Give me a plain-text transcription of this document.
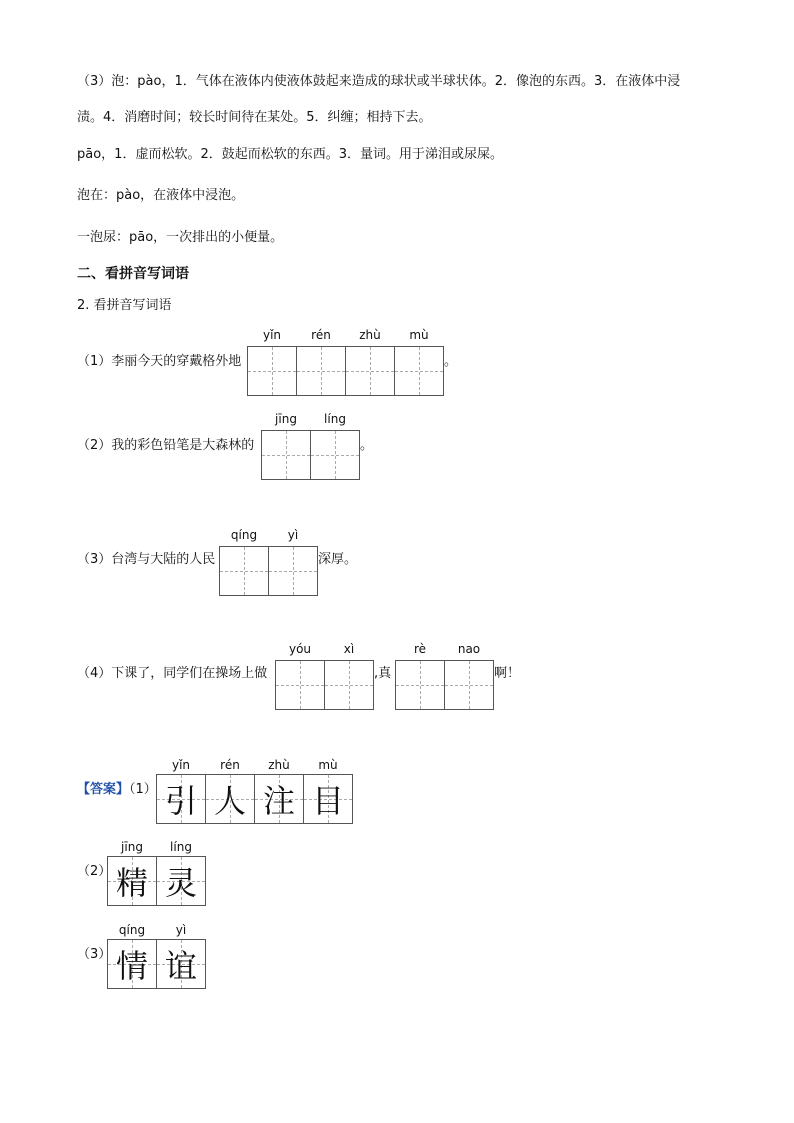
（3）泡：pào，1．气体在液体内使液体鼓起来造成的球状或半球状体。2．像泡的东西。3．在液体中浸
渍。4．消磨时间；较长时间待在某处。5．纠缠；相持下去。
pāo，1．虚而松软。2．鼓起而松软的东西。3．量词。用于涕泪或尿屎。
泡在：pào，在液体中浸泡。
一泡尿：pāo，一次排出的小便量。
二、看拼音写词语
2. 看拼音写词语
（1）李丽今天的穿戴格外地
yǐn	rén	zhù	mù
。
（2）我的彩色铅笔是大森林的
jīng	líng
。
（3）台湾与大陆的人民
qíng	yì
深厚。
（4）下课了，同学们在操场上做
yóu	xì
,真
rè	nao
啊！
【答案】（1）
yǐn	rén	zhù	mù
引 人 注 目
（2）
jīng	líng
精 灵
（3）
qíng	yì
情 谊
